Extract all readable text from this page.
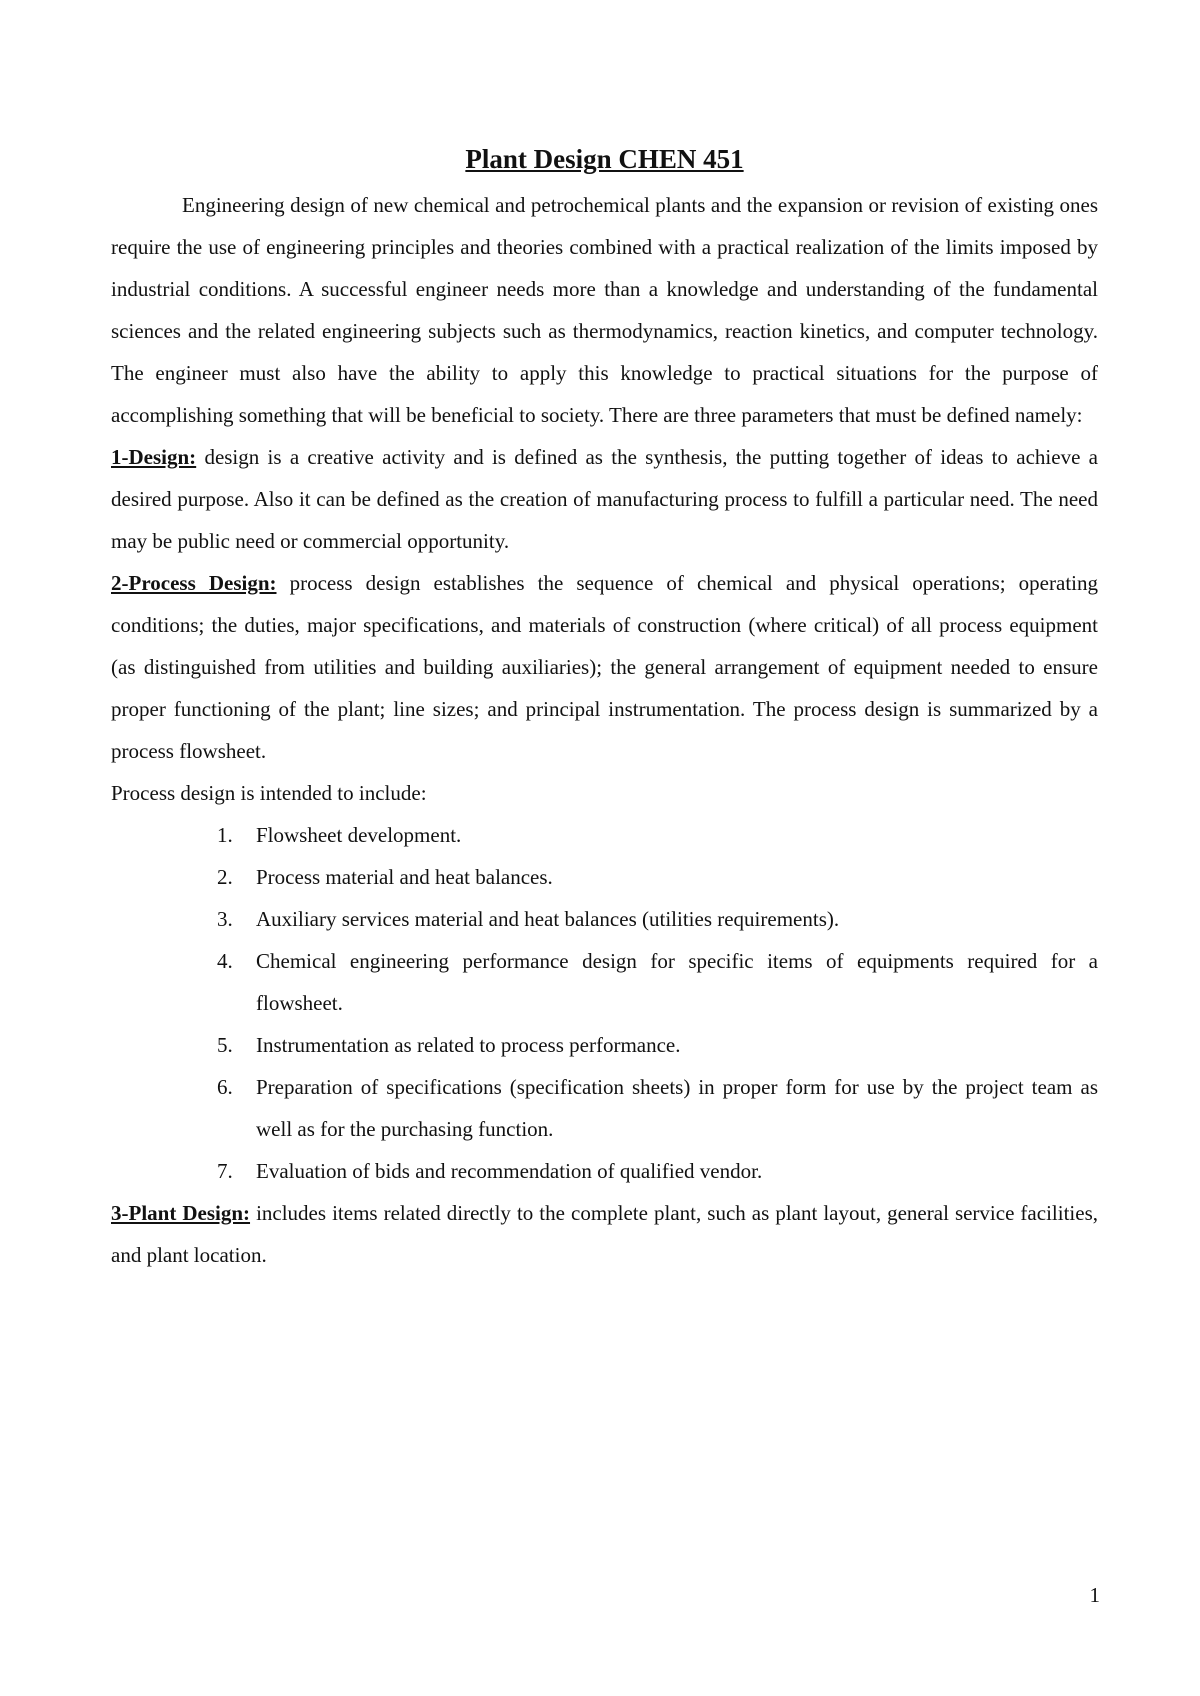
Plant Design CHEN 451

Engineering design of new chemical and petrochemical plants and the expansion or revision of existing ones require the use of engineering principles and theories combined with a practical realization of the limits imposed by industrial conditions. A successful engineer needs more than a knowledge and understanding of the fundamental sciences and the related engineering subjects such as thermodynamics, reaction kinetics, and computer technology. The engineer must also have the ability to apply this knowledge to practical situations for the purpose of accomplishing something that will be beneficial to society. There are three parameters that must be defined namely:

1-Design: design is a creative activity and is defined as the synthesis, the putting together of ideas to achieve a desired purpose. Also it can be defined as the creation of manufacturing process to fulfill a particular need. The need may be public need or commercial opportunity.

2-Process Design: process design establishes the sequence of chemical and physical operations; operating conditions; the duties, major specifications, and materials of construction (where critical) of all process equipment (as distinguished from utilities and building auxiliaries); the general arrangement of equipment needed to ensure proper functioning of the plant; line sizes; and principal instrumentation. The process design is summarized by a process flowsheet.

Process design is intended to include:

1. Flowsheet development.
2. Process material and heat balances.
3. Auxiliary services material and heat balances (utilities requirements).
4. Chemical engineering performance design for specific items of equipments required for a flowsheet.
5. Instrumentation as related to process performance.
6. Preparation of specifications (specification sheets) in proper form for use by the project team as well as for the purchasing function.
7. Evaluation of bids and recommendation of qualified vendor.

3-Plant Design: includes items related directly to the complete plant, such as plant layout, general service facilities, and plant location.

1
